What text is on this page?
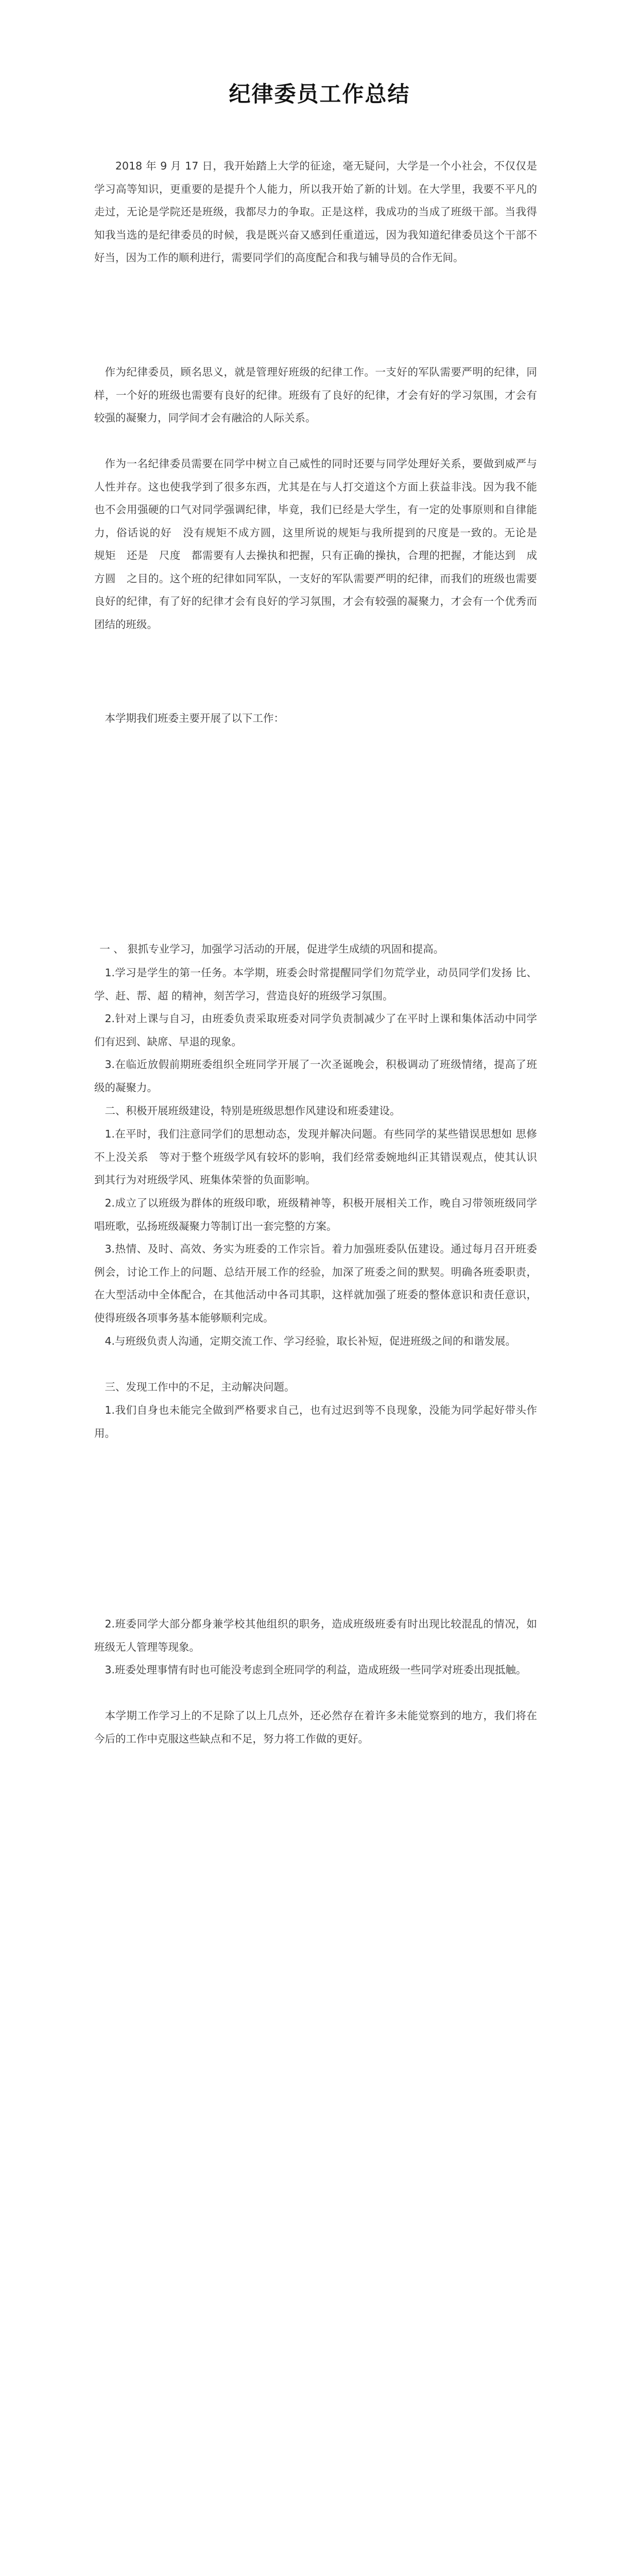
纪律委员工作总结

2018 年 9 月 17 日，我开始踏上大学的征途，毫无疑问，大学是一个小社会，不仅仅是学习高等知识，更重要的是提升个人能力，所以我开始了新的计划。在大学里，我要不平凡的走过，无论是学院还是班级，我都尽力的争取。正是这样，我成功的当成了班级干部。当我得知我当选的是纪律委员的时候，我是既兴奋又感到任重道远，因为我知道纪律委员这个干部不好当，因为工作的顺利进行，需要同学们的高度配合和我与辅导员的合作无间。

作为纪律委员，顾名思义，就是管理好班级的纪律工作。一支好的军队需要严明的纪律，同样，一个好的班级也需要有良好的纪律。班级有了良好的纪律，才会有好的学习氛围，才会有较强的凝聚力，同学间才会有融洽的人际关系。

作为一名纪律委员需要在同学中树立自己威性的同时还要与同学处理好关系，要做到威严与人性并存。这也使我学到了很多东西，尤其是在与人打交道这个方面上获益非浅。因为我不能也不会用强硬的口气对同学强调纪律，毕竟，我们已经是大学生，有一定的处事原则和自律能力，俗话说的好　没有规矩不成方圆，这里所说的规矩与我所提到的尺度是一致的。无论是　规矩　还是　尺度　都需要有人去操执和把握，只有正确的操执，合理的把握，才能达到　成方圆　之目的。这个班的纪律如同军队，一支好的军队需要严明的纪律，而我们的班级也需要良好的纪律，有了好的纪律才会有良好的学习氛围，才会有较强的凝聚力，才会有一个优秀而团结的班级。

本学期我们班委主要开展了以下工作：

一 、 狠抓专业学习，加强学习活动的开展，促进学生成绩的巩固和提高。

1.学习是学生的第一任务。本学期，班委会时常提醒同学们勿荒学业，动员同学们发扬 比、学、赶、帮、超 的精神，刻苦学习，营造良好的班级学习氛围。

2.针对上课与自习，由班委负责采取班委对同学负责制减少了在平时上课和集体活动中同学们有迟到、缺席、早退的现象。

3.在临近放假前期班委组织全班同学开展了一次圣诞晚会，积极调动了班级情绪，提高了班级的凝聚力。

二、积极开展班级建设，特别是班级思想作风建设和班委建设。

1.在平时，我们注意同学们的思想动态，发现并解决问题。有些同学的某些错误思想如 思修不上没关系　等对于整个班级学风有较坏的影响，我们经常委婉地纠正其错误观点，使其认识到其行为对班级学风、班集体荣誉的负面影响。

2.成立了以班级为群体的班级印歌，班级精神等，积极开展相关工作，晚自习带领班级同学唱班歌，弘扬班级凝聚力等制订出一套完整的方案。

3.热情、及时、高效、务实为班委的工作宗旨。着力加强班委队伍建设。通过每月召开班委例会，讨论工作上的问题、总结开展工作的经验，加深了班委之间的默契。明确各班委职责，在大型活动中全体配合，在其他活动中各司其职，这样就加强了班委的整体意识和责任意识，使得班级各项事务基本能够顺利完成。

4.与班级负责人沟通，定期交流工作、学习经验，取长补短，促进班级之间的和谐发展。

三、发现工作中的不足，主动解决问题。

1.我们自身也未能完全做到严格要求自己，也有过迟到等不良现象，没能为同学起好带头作用。

2.班委同学大部分都身兼学校其他组织的职务，造成班级班委有时出现比较混乱的情况，如班级无人管理等现象。

3.班委处理事情有时也可能没考虑到全班同学的利益，造成班级一些同学对班委出现抵触。

本学期工作学习上的不足除了以上几点外，还必然存在着许多未能觉察到的地方，我们将在今后的工作中克服这些缺点和不足，努力将工作做的更好。
